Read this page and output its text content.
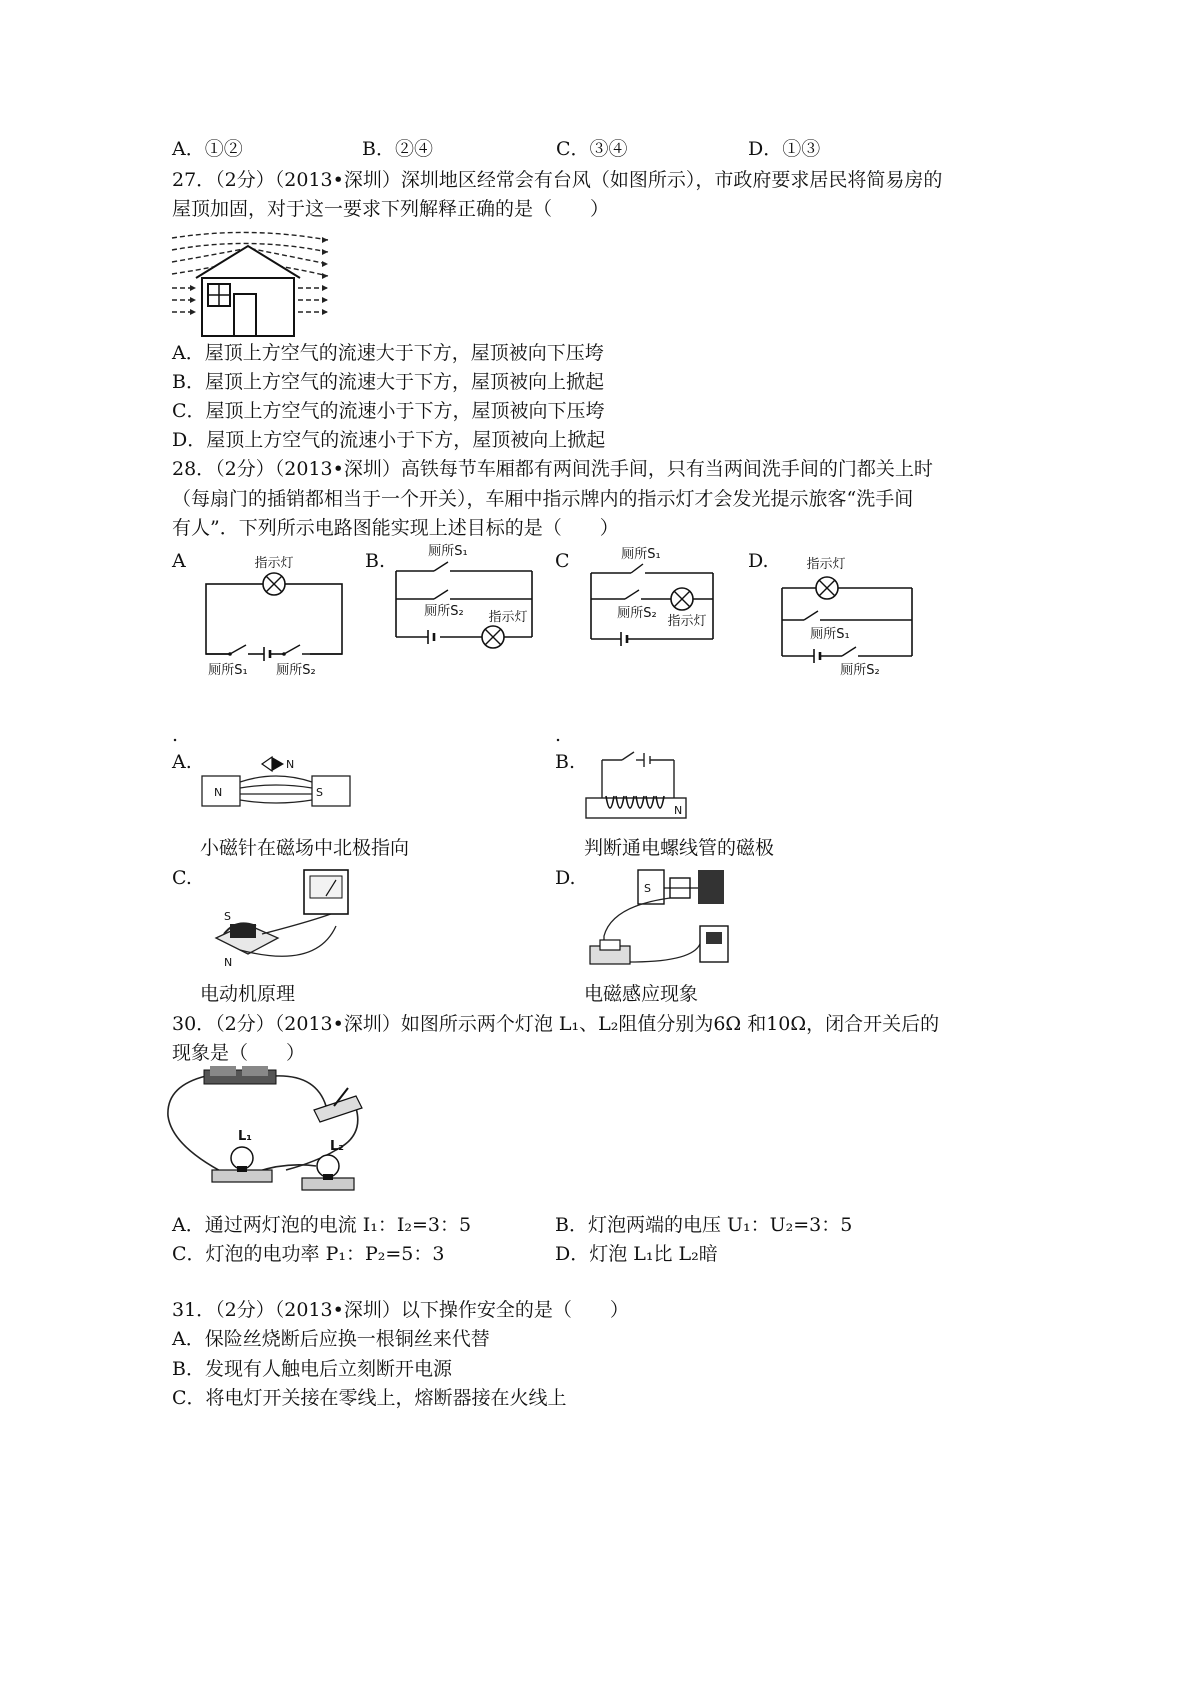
A．①②	B．②④	C．③④	D．①③
27．（2分）（2013•深圳）深圳地区经常会有台风（如图所示），市政府要求居民将简易房的
屋顶加固，对于这一要求下列解释正确的是（　　）
A．屋顶上方空气的流速大于下方，屋顶被向下压垮
B．屋顶上方空气的流速大于下方，屋顶被向上掀起
C．屋顶上方空气的流速小于下方，屋顶被向下压垮
D．屋顶上方空气的流速小于下方，屋顶被向上掀起
28．（2分）（2013•深圳）高铁每节车厢都有两间洗手间，只有当两间洗手间的门都关上时
（每扇门的插销都相当于一个开关），车厢中指示牌内的指示灯才会发光提示旅客“洗手间
有人”．下列所示电路图能实现上述目标的是（　　）
A	B.	C	D.
指示灯
厕所S₁ 厕所S₂
厕所S₁
厕所S₂ 指示灯
厕所S₁
厕所S₂
指示灯
指示灯
厕所S₁
厕所S₂
.	.
A.	B.
N	S
N
N
小磁针在磁场中北极指向	判断通电螺线管的磁极
C.	D.
S
N
S
电动机原理	电磁感应现象
30．（2分）（2013•深圳）如图所示两个灯泡 L₁、L₂阻值分别为6Ω 和10Ω，闭合开关后的
现象是（　　）
L₁
L₂
A．通过两灯泡的电流 I₁：I₂=3：5	B．灯泡两端的电压 U₁：U₂=3：5
C．灯泡的电功率 P₁：P₂=5：3	D．灯泡 L₁比 L₂暗
31．（2分）（2013•深圳）以下操作安全的是（　　）
A．保险丝烧断后应换一根铜丝来代替
B．发现有人触电后立刻断开电源
C．将电灯开关接在零线上，熔断器接在火线上
